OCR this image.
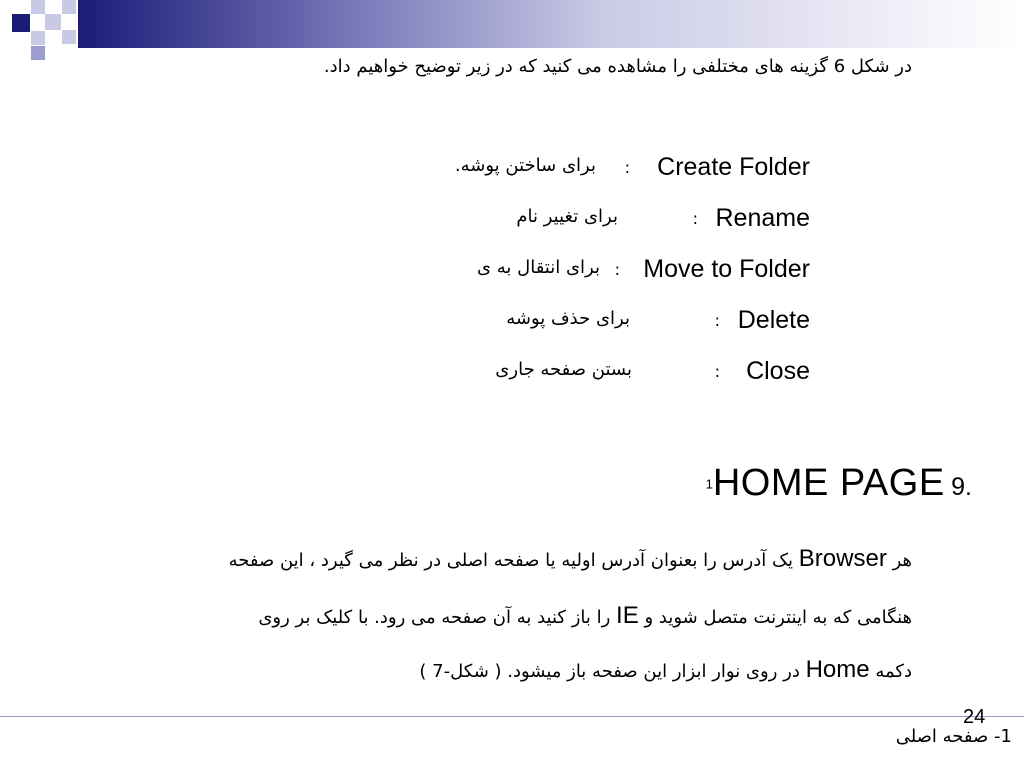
در شکل 6 گزینه های مختلفی را مشاهده می کنید که در زیر توضیح خواهیم داد.
Create Folder
:
برای ساختن پوشه.
Rename
:
برای تغییر نام
Move to Folder
:
برای انتقال به ی
Delete
:
برای حذف پوشه
Close
:
بستن صفحه جاری
$^1$HOME PAGE 9.
هر Browser یک آدرس را بعنوان آدرس اولیه یا صفحه اصلی در نظر می گیرد ، این صفحه
هنگامی که به اینترنت متصل شوید و IE را باز کنید به آن صفحه می رود. با کلیک بر روی
دکمه Home در روی نوار ابزار این صفحه باز میشود. ( شکل-7 )
24
1- صفحه اصلی
